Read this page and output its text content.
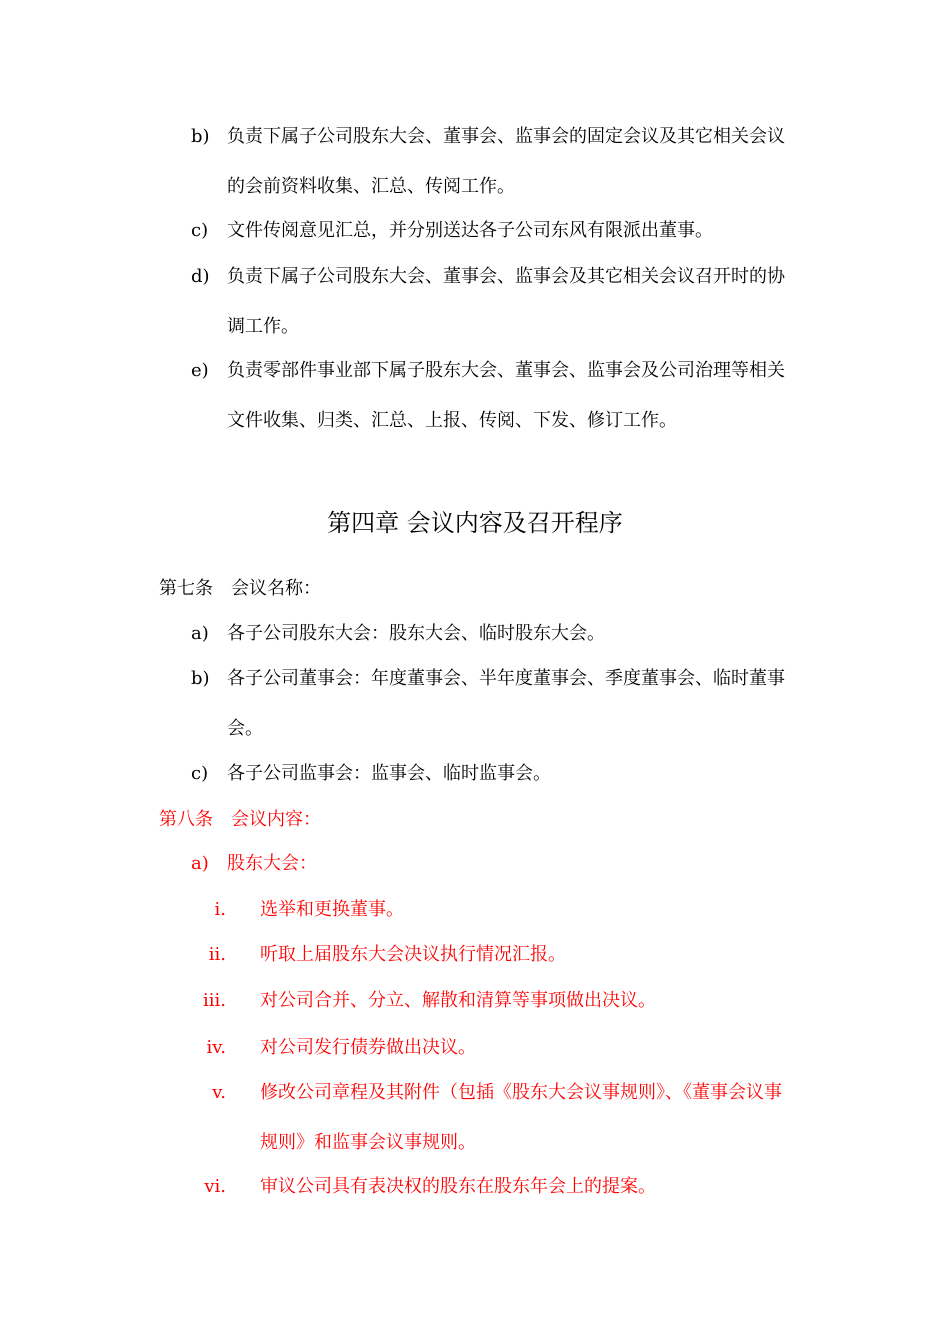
b) 负责下属子公司股东大会、董事会、监事会的固定会议及其它相关会议
的会前资料收集、汇总、传阅工作。
c) 文件传阅意见汇总，并分别送达各子公司东风有限派出董事。
d) 负责下属子公司股东大会、董事会、监事会及其它相关会议召开时的协
调工作。
e) 负责零部件事业部下属子股东大会、董事会、监事会及公司治理等相关
文件收集、归类、汇总、上报、传阅、下发、修订工作。
第四章 会议内容及召开程序
第七条 会议名称：
a) 各子公司股东大会：股东大会、临时股东大会。
b) 各子公司董事会：年度董事会、半年度董事会、季度董事会、临时董事
会。
c) 各子公司监事会：监事会、临时监事会。
第八条 会议内容：
a) 股东大会：
i. 选举和更换董事。
ii. 听取上届股东大会决议执行情况汇报。
iii. 对公司合并、分立、解散和清算等事项做出决议。
iv. 对公司发行债券做出决议。
v. 修改公司章程及其附件（包插《股东大会议事规则》、《董事会议事
规则》和监事会议事规则。
vi. 审议公司具有表决权的股东在股东年会上的提案。
